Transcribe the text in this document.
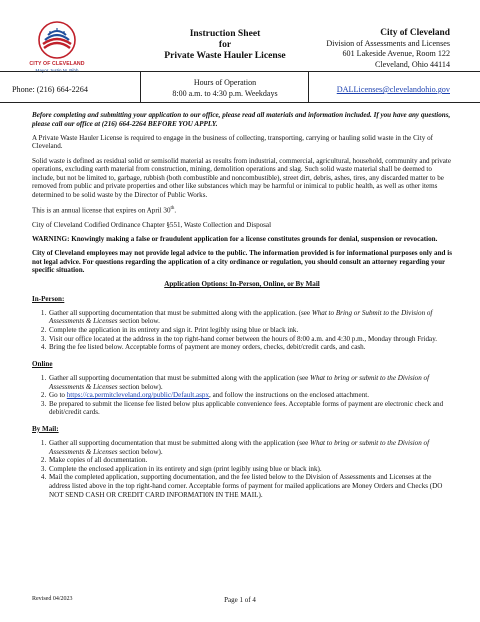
CITY OF CLEVELAND
Instruction Sheet
for
Private Waste Hauler License
City of Cleveland
Division of Assessments and Licenses
601 Lakeside Avenue, Room 122
Cleveland, Ohio 44114
Phone: (216) 664-2264
Hours of Operation
8:00 a.m. to 4:30 p.m. Weekdays	DALLicenses@clevelandohio.gov

Before completing and submitting your application to our office, please read all materials and information included. If you have any questions, please call our office at (216) 664-2264 BEFORE YOU APPLY.

A Private Waste Hauler License is required to engage in the business of collecting, transporting, carrying or hauling solid waste in the City of Cleveland.

Solid waste is defined as residual solid or semisolid material as results from industrial, commercial, agricultural, household, community and private operations, excluding earth material from construction, mining, demolition operations and slag. Such solid waste material shall be deemed to include, but not be limited to, garbage, rubbish (both combustible and noncombustible), street dirt, debris, ashes, tires, any discarded matter to be removed from public and private properties and other like substances which may be harmful or inimical to public health, as well as other items determined to be solid waste by the Director of Public Works.

This is an annual license that expires on April 30th.

City of Cleveland Codified Ordinance Chapter §551, Waste Collection and Disposal

WARNING: Knowingly making a false or fraudulent application for a license constitutes grounds for denial, suspension or revocation.

City of Cleveland employees may not provide legal advice to the public. The information provided is for informational purposes only and is not legal advice. For questions regarding the application of a city ordinance or regulation, you should consult an attorney regarding your specific situation.

Application Options: In-Person, Online, or By Mail

In-Person:

1. Gather all supporting documentation that must be submitted along with the application. (see What to Bring or Submit to the Division of Assessments & Licenses section below.
2. Complete the application in its entirety and sign it. Print legibly using blue or black ink.
3. Visit our office located at the address in the top right-hand corner between the hours of 8:00 a.m. and 4:30 p.m., Monday through Friday.
4. Bring the fee listed below. Acceptable forms of payment are money orders, checks, debit/credit cards, and cash.

Online

1. Gather all supporting documentation that must be submitted along with the application (see What to bring or submit to the Division of Assessments & Licenses section below).
2. Go to https://ca.permitcleveland.org/public/Default.aspx, and follow the instructions on the enclosed attachment.
3. Be prepared to submit the license fee listed below plus applicable convenience fees. Acceptable forms of payment are electronic check and debit/credit cards.

By Mail:

1. Gather all supporting documentation that must be submitted along with the application (see What to bring or submit to the Division of Assessments & Licenses section below).
2. Make copies of all documentation.
3. Complete the enclosed application in its entirety and sign (print legibly using blue or black ink).
4. Mail the completed application, supporting documentation, and the fee listed below to the Division of Assessments and Licenses at the address listed above in the top right-hand corner. Acceptable forms of payment for mailed applications are Money Orders and Checks (DO NOT SEND CASH OR CREDIT CARD INFORMATI0N IN THE MAIL).
Revised 04/2023	Page 1 of 4
